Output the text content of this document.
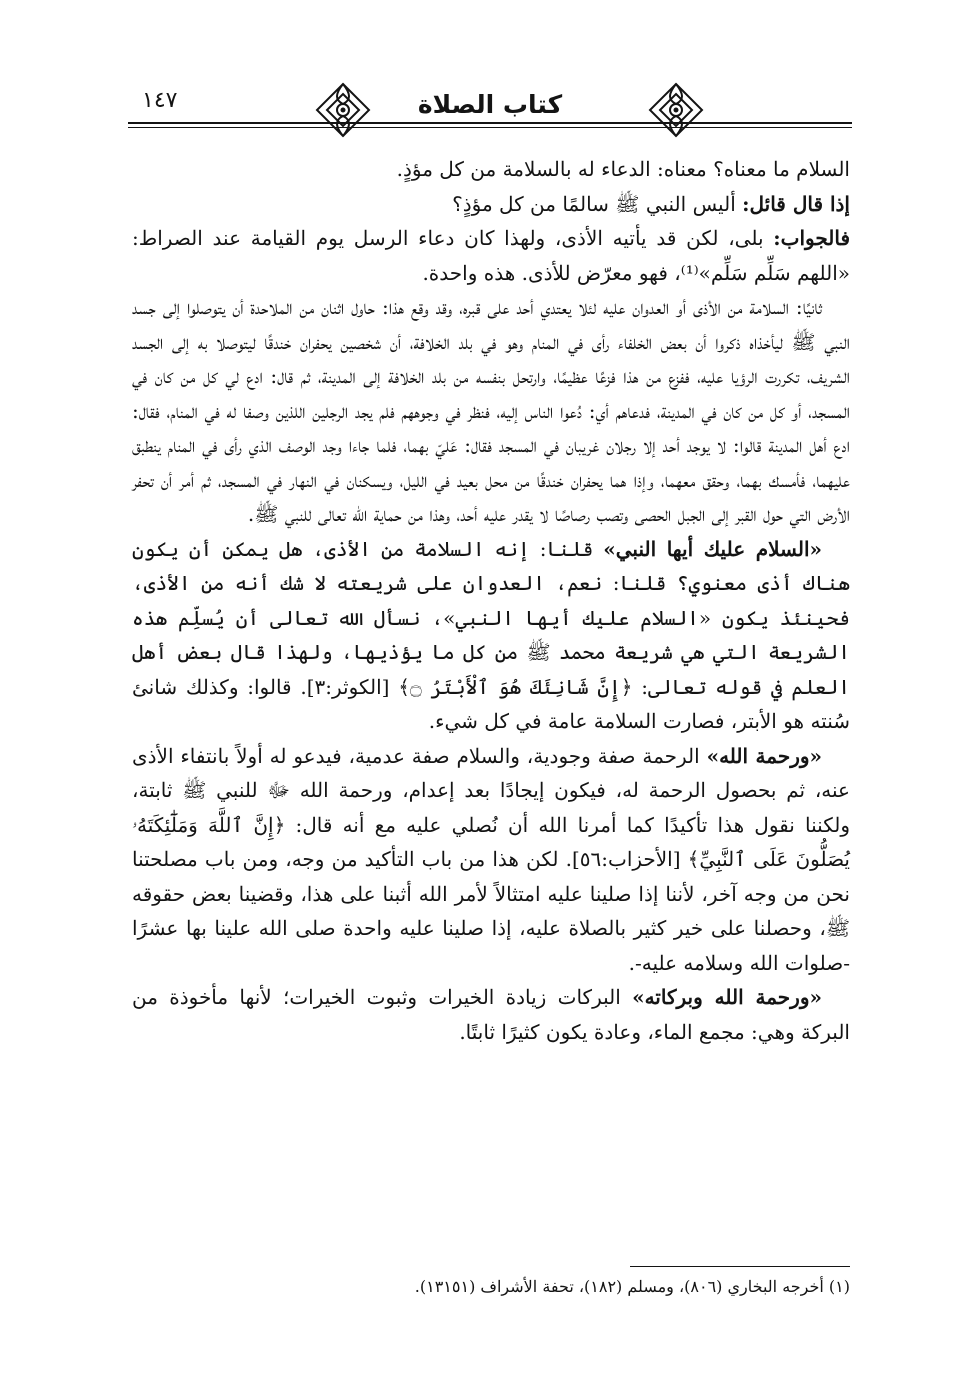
١٤٧	كتاب الصلاة

السلام ما معناه؟ معناه: الدعاء له بالسلامة من كل مؤذٍ.

إذا قال قائل: أليس النبي ﷺ سالمًا من كل مؤذٍ؟

فالجواب: بلى، لكن قد يأتيه الأذى، ولهذا كان دعاء الرسل يوم القيامة عند الصراط: «اللهم سَلِّم سَلِّم»⁽¹⁾، فهو معرّض للأذى. هذه واحدة.

ثانيًا: السلامة من الأذى أو العدوان عليه لئلا يعتدي أحد على قبره، وقد وقع هذا: حاول اثنان من الملاحدة أن يتوصلوا إلى جسد النبي ﷺ ليأخذاه ذكروا أن بعض الخلفاء رأى في المنام وهو في بلد الخلافة، أن شخصين يحفران خندقًا ليتوصلا به إلى الجسد الشريف، تكررت الرؤيا عليه، ففزع من هذا فزعًا عظيمًا، وارتحل بنفسه من بلد الخلافة إلى المدينة، ثم قال: ادع لي كل من كان في المسجد، أو كل من كان في المدينة، فدعاهم أي: دُعوا الناس إليه، فنظر في وجوههم فلم يجد الرجلين اللذين وصفا له في المنام، فقال: ادع أهل المدينة قالوا: لا يوجد أحد إلا رجلان غريبان في المسجد فقال: عَليّ بهما، فلما جاءا وجد الوصف الذي رأى في المنام ينطبق عليهما، فأمسك بهما، وحقق معهما، وإذا هما يحفران خندقًا من محل بعيد في الليل، ويسكنان في النهار في المسجد، ثم أمر أن تحفر الأرض التي حول القبر إلى الجبل الحصى وتصب رصاصًا لا يقدر عليه أحد، وهذا من حماية الله تعالى للنبي ﷺ.

«السلام عليك أيها النبي» قلنا: إنه السلامة من الأذى، هل يمكن أن يكون هناك أذى معنوي؟ قلنا: نعم، العدوان على شريعته لا شك أنه من الأذى، فحينئذ يكون «السلام عليك أيها النبي»، نسأل الله تعالى أن يُسلِّم هذه الشريعة التي هي شريعة محمد ﷺ من كل ما يؤذيها، ولهذا قال بعض أهل العلم في قوله تعالى: ﴿إِنَّ شَانِئَكَ هُوَ ٱلْأَبْتَرُ ۝﴾ [الكوثر:٣]. قالوا: وكذلك شانئ سُنته هو الأبتر، فصارت السلامة عامة في كل شيء.

«ورحمة الله» الرحمة صفة وجودية، والسلام صفة عدمية، فيدعو له أولاً بانتفاء الأذى عنه، ثم بحصول الرحمة له، فيكون إيجادًا بعد إعدام، ورحمة الله ﷻ للنبي ﷺ ثابتة، ولكننا نقول هذا تأكيدًا كما أمرنا الله أن نُصلي عليه مع أنه قال: ﴿إِنَّ ٱللَّهَ وَمَلَٰٓئِكَتَهُۥ يُصَلُّونَ عَلَى ٱلنَّبِيِّ﴾ [الأحزاب:٥٦]. لكن هذا من باب التأكيد من وجه، ومن باب مصلحتنا نحن من وجه آخر، لأننا إذا صلينا عليه امتثالاً لأمر الله أثبنا على هذا، وقضينا بعض حقوقه ﷺ، وحصلنا على خير كثير بالصلاة عليه، إذا صلينا عليه واحدة صلى الله علينا بها عشرًا -صلوات الله وسلامه عليه-.

«ورحمة الله وبركاته» البركات زيادة الخيرات وثبوت الخيرات؛ لأنها مأخوذة من البركة وهي: مجمع الماء، وعادة يكون كثيرًا ثابتًا.

(١) أخرجه البخاري (٨٠٦)، ومسلم (١٨٢)، تحفة الأشراف (١٣١٥١).
